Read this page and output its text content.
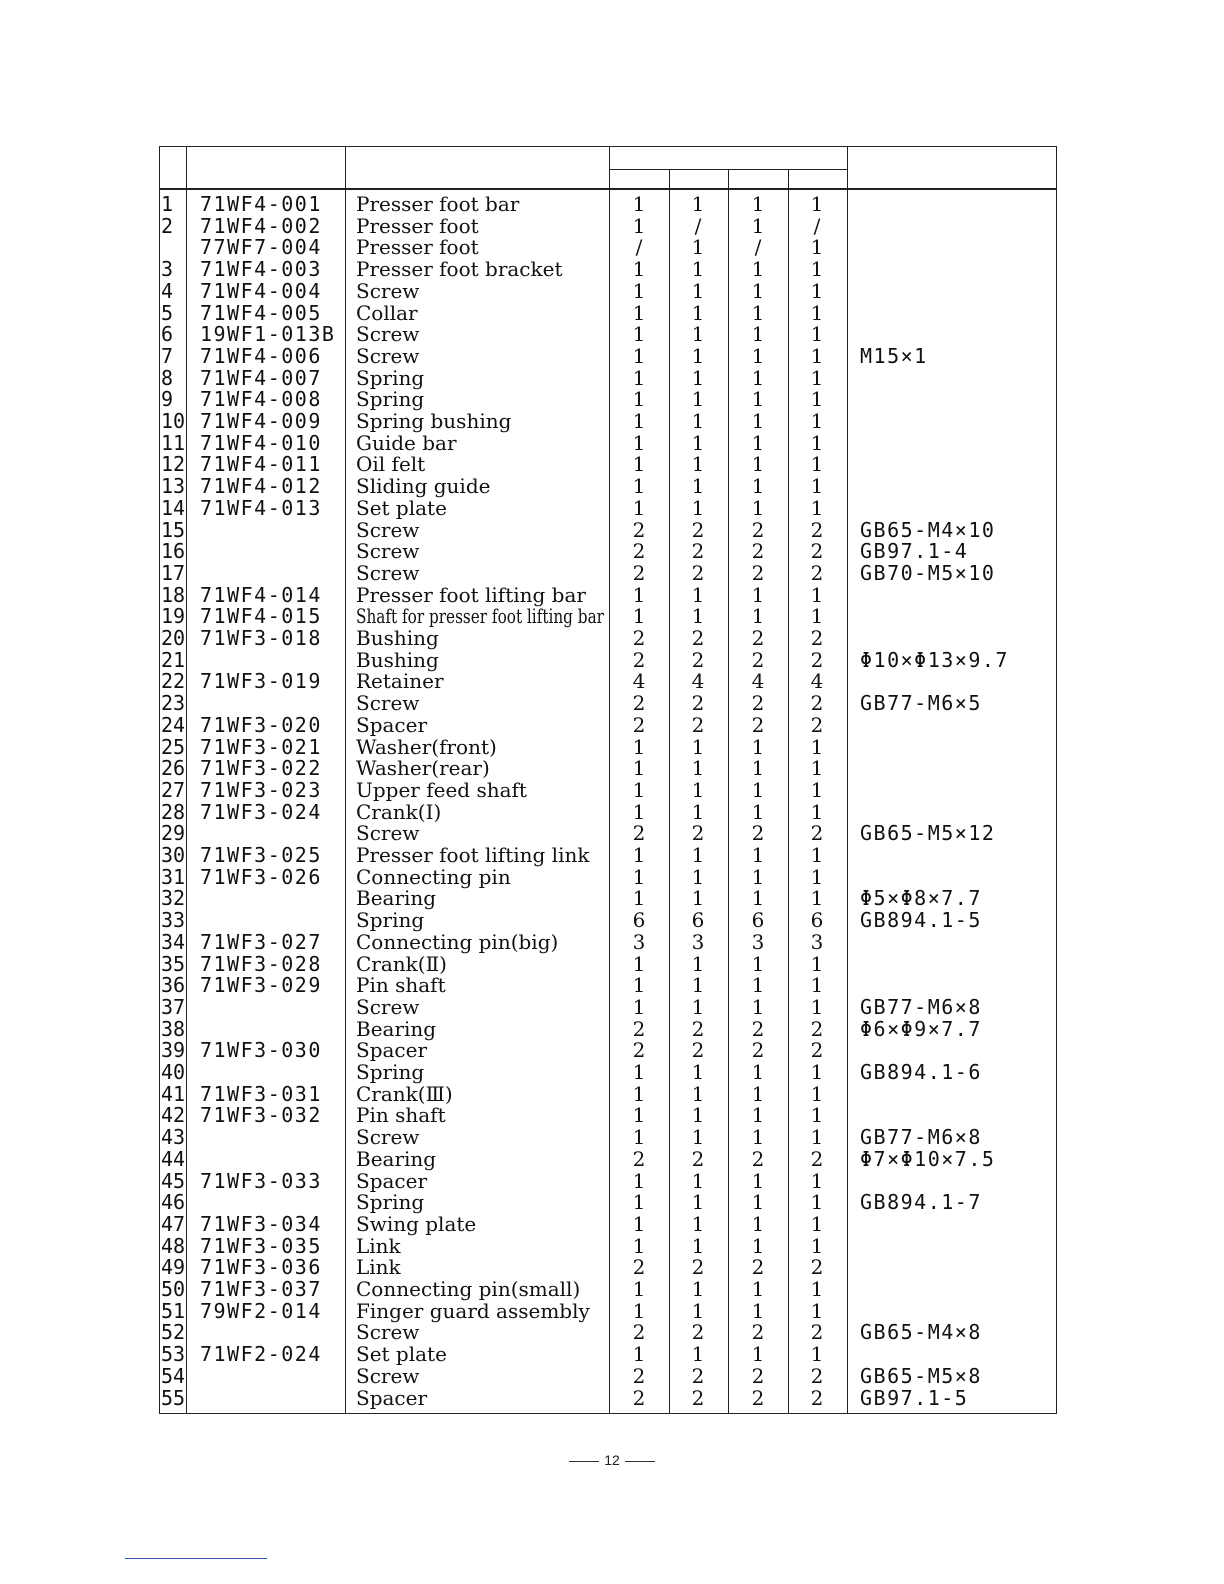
1	71WF4-001 Presser foot bar	1 1 1 1
2	71WF4-002 Presser foot	1	/	1	/
77WF7-004 Presser foot	/	1	/	1
3	71WF4-003 Presser foot bracket	1 1 1 1
4	71WF4-004 Screw	1 1 1 1
5	71WF4-005 Collar	1 1 1 1
6	19WF1-013B Screw	1 1 1 1
7	71WF4-006 Screw	1 1 1 1 M15×1
8	71WF4-007 Spring	1 1 1 1
9	71WF4-008 Spring	1 1 1 1
10 71WF4-009 Spring bushing	1 1 1 1
11 71WF4-010 Guide bar	1 1 1 1
12 71WF4-011 Oil felt	1 1 1 1
13 71WF4-012 Sliding guide	1 1 1 1
14 71WF4-013 Set plate	1 1 1 1
15	Screw	2 2 2 2 GB65-M4×10
16	Screw	2 2 2 2 GB97.1-4
17	Screw	2 2 2 2 GB70-M5×10
18 71WF4-014 Presser foot lifting bar 1 1 1 1
19 71WF4-015 Shaft for presser foot lifting bar 1 1 1 1
20 71WF3-018 Bushing	2 2 2 2
21	Bushing	2 2 2 2 Φ10×Φ13×9.7
22 71WF3-019 Retainer	4 4 4 4
23	Screw	2 2 2 2 GB77-M6×5
24 71WF3-020 Spacer	2 2 2 2
25 71WF3-021 Washer(front)	1 1 1 1
26 71WF3-022 Washer(rear)	1 1 1 1
27 71WF3-023 Upper feed shaft	1 1 1 1
28 71WF3-024 Crank(I)	1 1 1 1
29	Screw	2 2 2 2 GB65-M5×12
30 71WF3-025 Presser foot lifting link 1 1 1 1
31 71WF3-026 Connecting pin	1 1 1 1
32	Bearing	1 1 1 1 Φ5×Φ8×7.7
33	Spring	6 6 6 6 GB894.1-5
34 71WF3-027 Connecting pin(big)	3 3 3 3
35 71WF3-028 Crank(Ⅱ)	1 1 1 1
36 71WF3-029 Pin shaft	1 1 1 1
37	Screw	1 1 1 1 GB77-M6×8
38	Bearing	2 2 2 2 Φ6×Φ9×7.7
39 71WF3-030 Spacer	2 2 2 2
40	Spring	1 1 1 1 GB894.1-6
41 71WF3-031 Crank(Ⅲ)	1 1 1 1
42 71WF3-032 Pin shaft	1 1 1 1
43	Screw	1 1 1 1 GB77-M6×8
44	Bearing	2 2 2 2 Φ7×Φ10×7.5
45 71WF3-033 Spacer	1 1 1 1
46	Spring	1 1 1 1 GB894.1-7
47 71WF3-034 Swing plate	1 1 1 1
48 71WF3-035 Link	1 1 1 1
49 71WF3-036 Link	2 2 2 2
50 71WF3-037 Connecting pin(small)	1 1 1 1
51 79WF2-014 Finger guard assembly 1 1 1 1
52	Screw	2 2 2 2 GB65-M4×8
53 71WF2-024 Set plate	1 1 1 1
54	Screw	2 2 2 2 GB65-M5×8
55	Spacer	2 2 2 2 GB97.1-5
12
